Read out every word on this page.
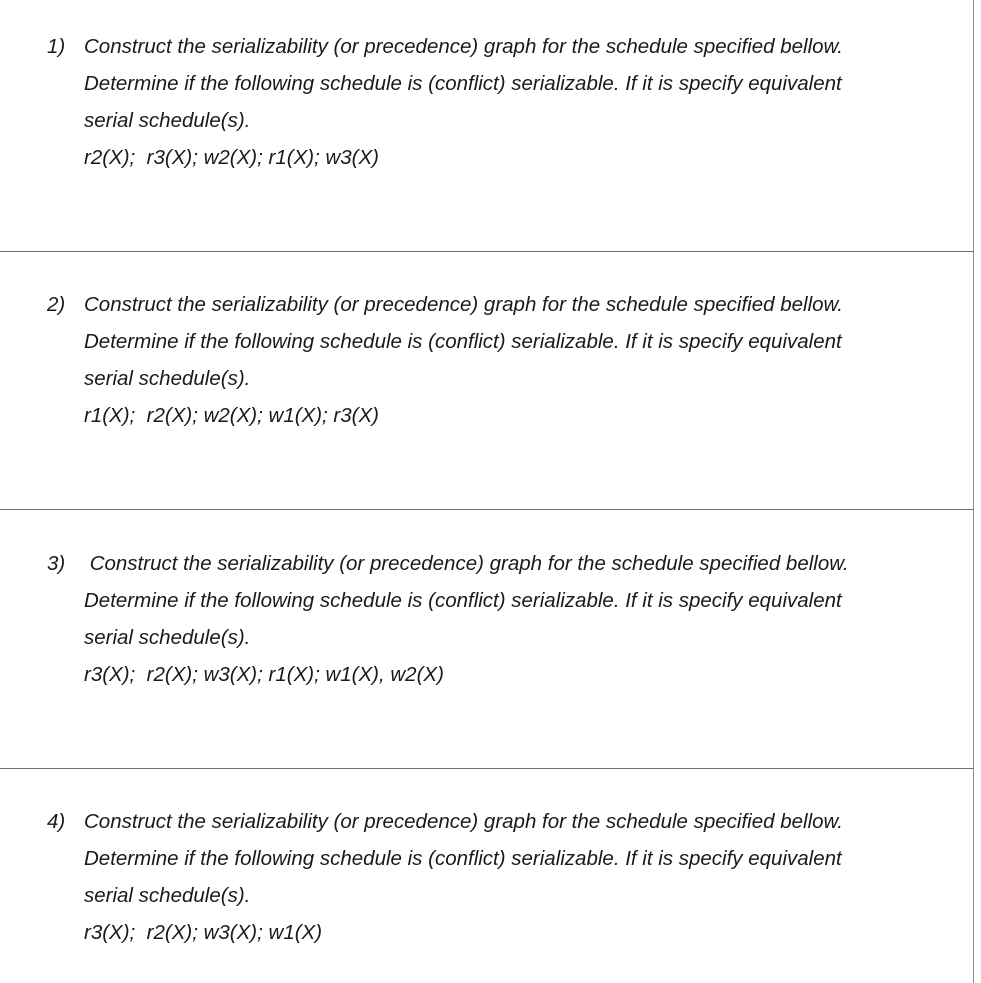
1) Construct the serializability (or precedence) graph for the schedule specified bellow.
Determine if the following schedule is (conflict) serializable. If it is specify equivalent
serial schedule(s).
r2(X);  r3(X); w2(X); r1(X); w3(X)
2) Construct the serializability (or precedence) graph for the schedule specified bellow.
Determine if the following schedule is (conflict) serializable. If it is specify equivalent
serial schedule(s).
r1(X);  r2(X); w2(X); w1(X); r3(X)
3) Construct the serializability (or precedence) graph for the schedule specified bellow.
Determine if the following schedule is (conflict) serializable. If it is specify equivalent
serial schedule(s).
r3(X);  r2(X); w3(X); r1(X); w1(X), w2(X)
4) Construct the serializability (or precedence) graph for the schedule specified bellow.
Determine if the following schedule is (conflict) serializable. If it is specify equivalent
serial schedule(s).
r3(X);  r2(X); w3(X); w1(X)
